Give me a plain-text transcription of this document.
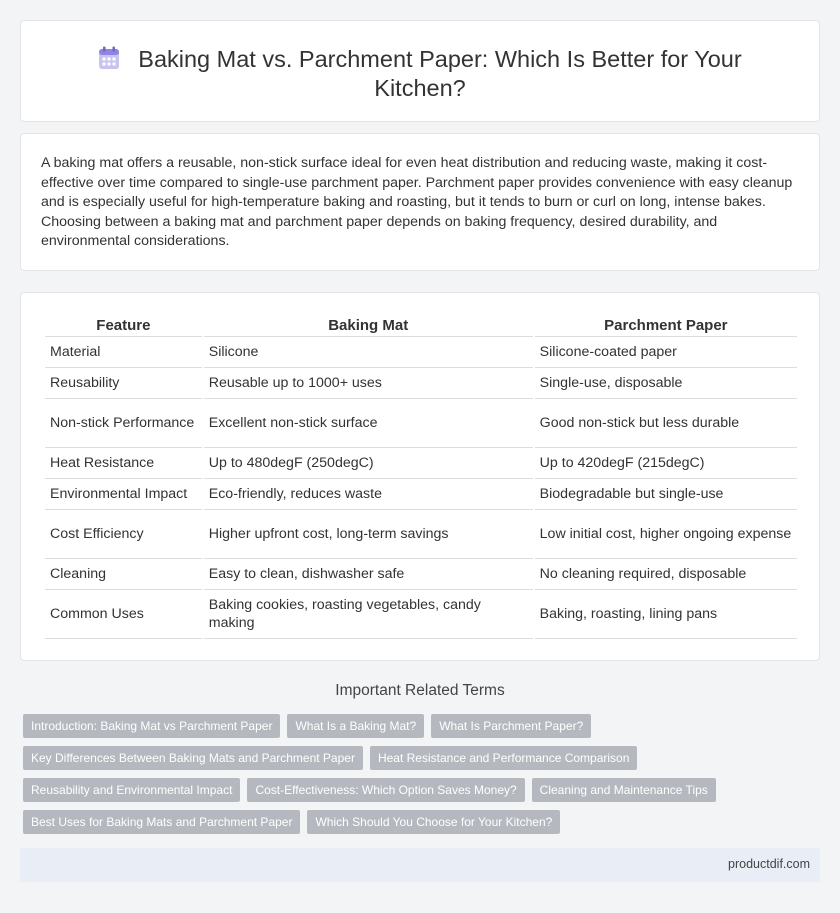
Baking Mat vs. Parchment Paper: Which Is Better for Your Kitchen?

A baking mat offers a reusable, non-stick surface ideal for even heat distribution and reducing waste, making it cost-effective over time compared to single-use parchment paper. Parchment paper provides convenience with easy cleanup and is especially useful for high-temperature baking and roasting, but it tends to burn or curl on long, intense bakes. Choosing between a baking mat and parchment paper depends on baking frequency, desired durability, and environmental considerations.

Feature	Baking Mat	Parchment Paper
Material	Silicone	Silicone-coated paper
Reusability	Reusable up to 1000+ uses	Single-use, disposable
Non-stick Performance	Excellent non-stick surface	Good non-stick but less durable
Heat Resistance	Up to 480degF (250degC)	Up to 420degF (215degC)
Environmental Impact	Eco-friendly, reduces waste	Biodegradable but single-use
Cost Efficiency	Higher upfront cost, long-term savings	Low initial cost, higher ongoing expense
Cleaning	Easy to clean, dishwasher safe	No cleaning required, disposable
Common Uses	Baking cookies, roasting vegetables, candy making	Baking, roasting, lining pans
Important Related Terms
Introduction: Baking Mat vs Parchment Paper	What Is a Baking Mat?	What Is Parchment Paper?
Key Differences Between Baking Mats and Parchment Paper	Heat Resistance and Performance Comparison
Reusability and Environmental Impact	Cost-Effectiveness: Which Option Saves Money?	Cleaning and Maintenance Tips
Best Uses for Baking Mats and Parchment Paper	Which Should You Choose for Your Kitchen?
productdif.com
